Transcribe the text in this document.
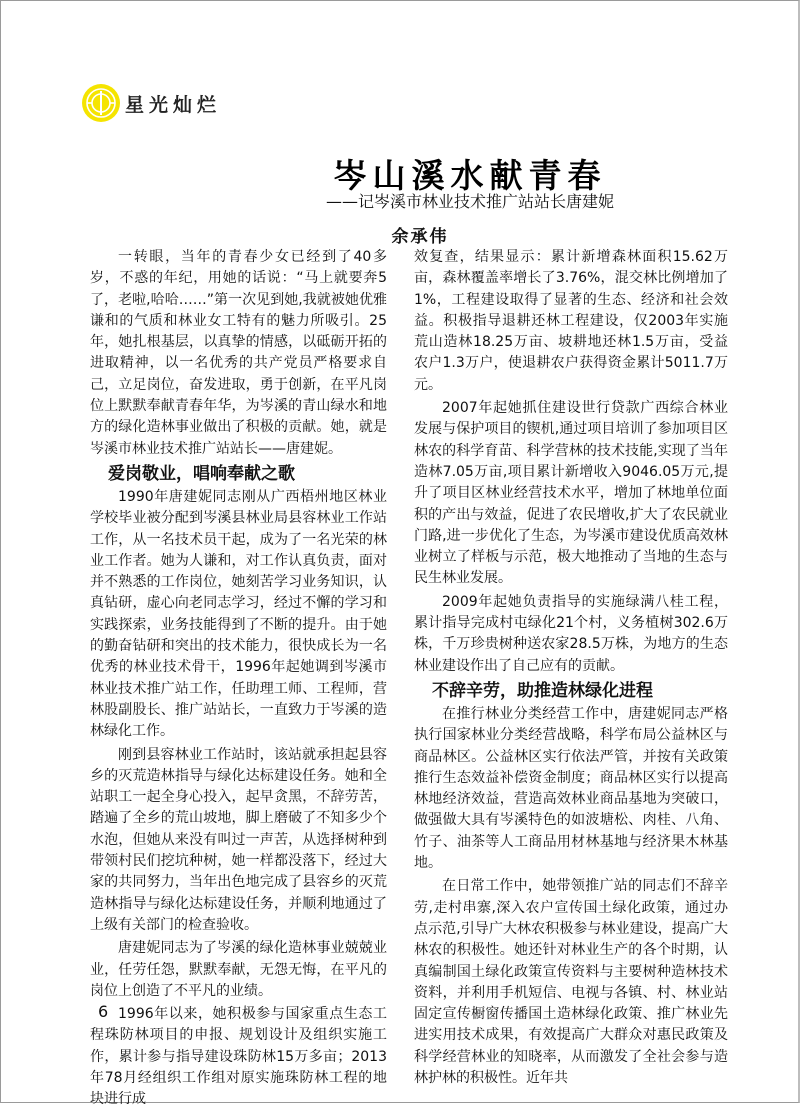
星光灿烂
岑山溪水献青春
——记岑溪市林业技术推广站站长唐建妮
余承伟

一转眼，当年的青春少女已经到了40多岁，不惑的年纪，用她的话说：“马上就要奔5了，老啦,哈哈……”第一次见到她,我就被她优雅谦和的气质和林业女工特有的魅力所吸引。25年，她扎根基层，以真挚的情感，以砥砺开拓的进取精神，以一名优秀的共产党员严格要求自己，立足岗位，奋发进取，勇于创新，在平凡岗位上默默奉献青春年华，为岑溪的青山绿水和地方的绿化造林事业做出了积极的贡献。她，就是岑溪市林业技术推广站站长——唐建妮。

爱岗敬业，唱响奉献之歌

1990年唐建妮同志刚从广西梧州地区林业学校毕业被分配到岑溪县林业局县容林业工作站工作，从一名技术员干起，成为了一名光荣的林业工作者。她为人谦和，对工作认真负责，面对并不熟悉的工作岗位，她刻苦学习业务知识，认真钻研，虚心向老同志学习，经过不懈的学习和实践探索，业务技能得到了不断的提升。由于她的勤奋钻研和突出的技术能力，很快成长为一名优秀的林业技术骨干，1996年起她调到岑溪市林业技术推广站工作，任助理工师、工程师，营林股副股长、推广站站长，一直致力于岑溪的造林绿化工作。

刚到县容林业工作站时，该站就承担起县容乡的灭荒造林指导与绿化达标建设任务。她和全站职工一起全身心投入，起早贪黑，不辞劳苦，踏遍了全乡的荒山坡地，脚上磨破了不知多少个水泡，但她从来没有叫过一声苦，从选择树种到带领村民们挖坑种树，她一样都没落下，经过大家的共同努力，当年出色地完成了县容乡的灭荒造林指导与绿化达标建设任务，并顺利地通过了上级有关部门的检查验收。

唐建妮同志为了岑溪的绿化造林事业兢兢业业，任劳任怨，默默奉献，无怨无悔，在平凡的岗位上创造了不平凡的业绩。

1996年以来，她积极参与国家重点生态工程珠防林项目的申报、规划设计及组织实施工作，累计参与指导建设珠防林15万多亩；2013年78月经组织工作组对原实施珠防林工程的地块进行成

效复查，结果显示：累计新增森林面积15.62万亩，森林覆盖率增长了3.76%，混交林比例增加了1%，工程建设取得了显著的生态、经济和社会效益。积极指导退耕还林工程建设，仅2003年实施荒山造林18.25万亩、坡耕地还林1.5万亩，受益农户1.3万户，使退耕农户获得资金累计5011.7万元。

2007年起她抓住建设世行贷款广西综合林业发展与保护项目的锲机,通过项目培训了参加项目区林农的科学育苗、科学营林的技术技能,实现了当年造林7.05万亩,项目累计新增收入9046.05万元,提升了项目区林业经营技术水平，增加了林地单位面积的产出与效益，促进了农民增收,扩大了农民就业门路,进一步优化了生态，为岑溪市建设优质高效林业树立了样板与示范，极大地推动了当地的生态与民生林业发展。

2009年起她负责指导的实施绿满八桂工程，累计指导完成村屯绿化21个村，义务植树302.6万株，千万珍贵树种送农家28.5万株，为地方的生态林业建设作出了自己应有的贡献。

不辞辛劳，助推造林绿化进程

在推行林业分类经营工作中，唐建妮同志严格执行国家林业分类经营战略，科学布局公益林区与商品林区。公益林区实行依法严管，并按有关政策推行生态效益补偿资金制度；商品林区实行以提高林地经济效益，营造高效林业商品基地为突破口，做强做大具有岑溪特色的如波塘松、肉桂、八角、竹子、油茶等人工商品用材林基地与经济果木林基地。

在日常工作中，她带领推广站的同志们不辞辛劳,走村串寨,深入农户宣传国土绿化政策，通过办点示范,引导广大林农积极参与林业建设，提高广大林农的积极性。她还针对林业生产的各个时期，认真编制国土绿化政策宣传资料与主要树种造林技术资料，并利用手机短信、电视与各镇、村、林业站固定宣传橱窗传播国土造林绿化政策、推广林业先进实用技术成果，有效提高广大群众对惠民政策及科学经营林业的知晓率，从而激发了全社会参与造林护林的积极性。近年共

6
